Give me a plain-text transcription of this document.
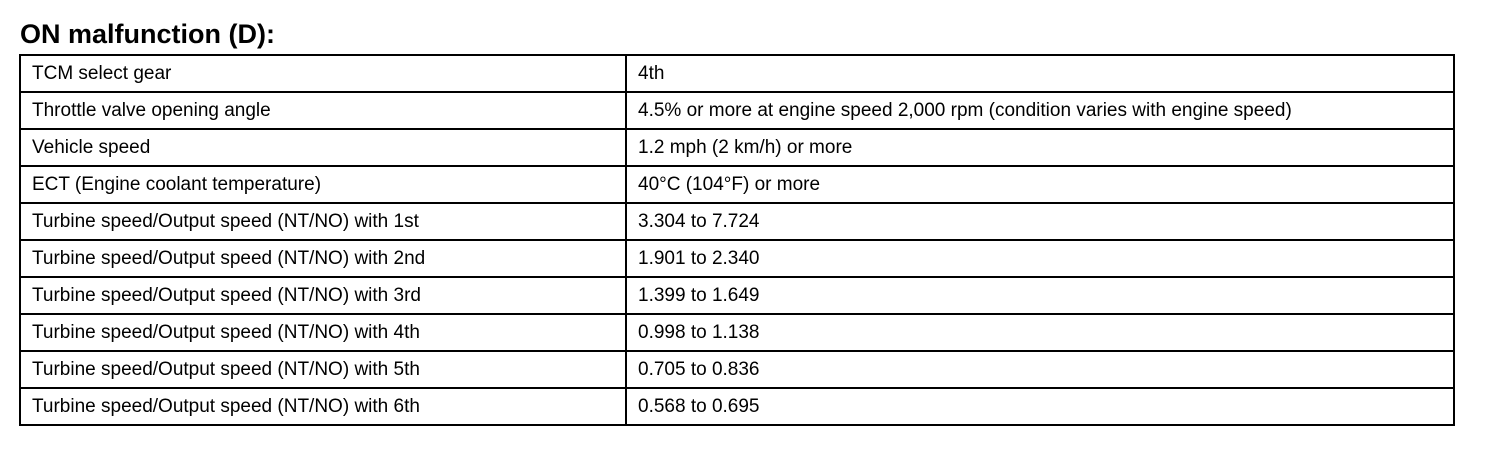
ON malfunction (D):
TCM select gear	4th
Throttle valve opening angle	4.5% or more at engine speed 2,000 rpm (condition varies with engine speed)
Vehicle speed	1.2 mph (2 km/h) or more
ECT (Engine coolant temperature)	40°C (104°F) or more
Turbine speed/Output speed (NT/NO) with 1st	3.304 to 7.724
Turbine speed/Output speed (NT/NO) with 2nd	1.901 to 2.340
Turbine speed/Output speed (NT/NO) with 3rd	1.399 to 1.649
Turbine speed/Output speed (NT/NO) with 4th	0.998 to 1.138
Turbine speed/Output speed (NT/NO) with 5th	0.705 to 0.836
Turbine speed/Output speed (NT/NO) with 6th	0.568 to 0.695
